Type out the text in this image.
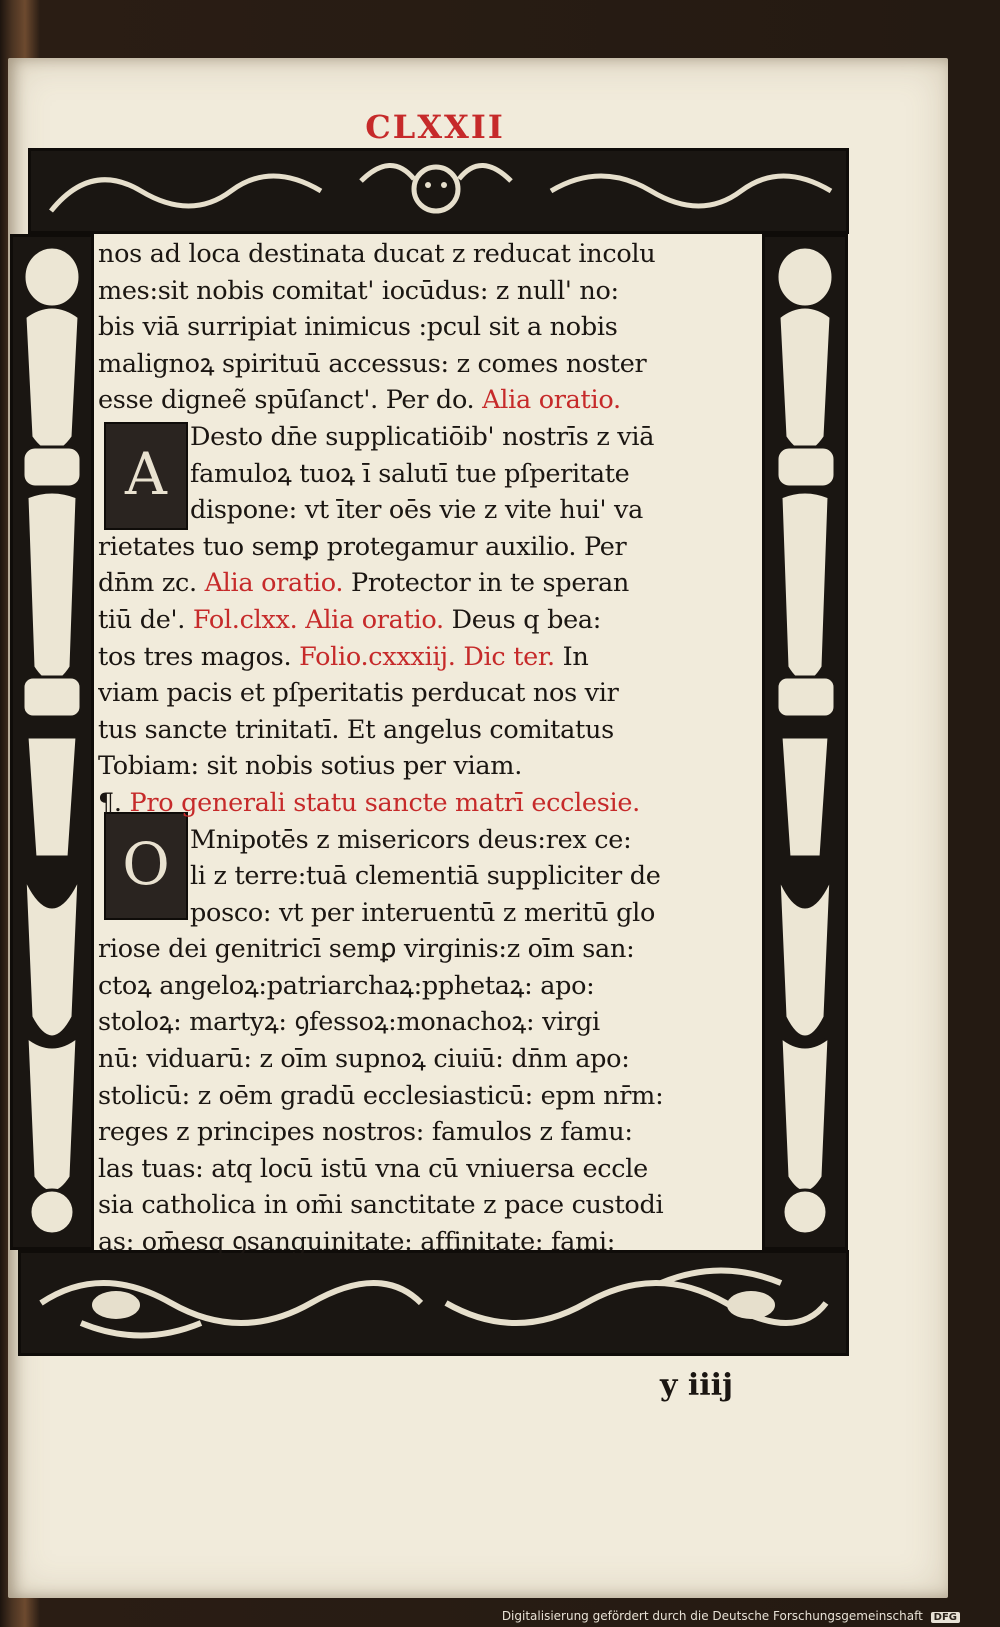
CLXXII
A
O
nos ad loca destinata ducat z reducat incolu
mes:sit nobis comitat' iocūdus: z null' no:
bis viā surripiat inimicus :pcul sit a nobis
malignoꝝ spirituū accessus: z comes noster
esse digneẽ spūſanct'. Per do. Alia oratio.
Desto dn̄e supplicatiōib' nostrīs z viā
famuloꝝ tuoꝝ ī salutī tue pſperitate
dispone: vt īter oēs vie z vite hui' va
rietates tuo semꝑ protegamur auxilio. Per
dn̄m zc. Alia oratio. Protector in te speran
tiū de'. Fol.clxx. Alia oratio. Deus q bea:
tos tres magos. Folio.cxxxiij. Dic ter. In
viam pacis et pſperitatis perducat nos vir
tus sancte trinitatī. Et angelus comitatus
Tobiam: sit nobis sotius per viam.
¶. Pro generali statu sancte matrī ecclesie.
Mnipotēs z misericors deus:rex ce:
li z terre:tuā clementiā suppliciter de
posco: vt per interuentū z meritū glo
riose dei genitricī semꝑ virginis:z oīm san:
ctoꝝ angeloꝝ:patriarchaꝝ:pphetaꝝ: apo:
stoloꝝ: martyꝝ: ꝯfessoꝝ:monachoꝝ: virgi
nū: viduarū: z oīm supnoꝝ ciuiū: dn̄m apo:
stolicū: z oēm gradū ecclesiasticū: epm nr̄m:
reges z principes nostros: famulos z famu:
las tuas: atq locū istū vna cū vniuersa eccle
sia catholica in om̄i sanctitate z pace custodi
as: om̄esq ꝯsanguinitate: affinitate: fami:
y iiij
Digitalisierung gefördert durch die Deutsche Forschungsgemeinschaft DFG
